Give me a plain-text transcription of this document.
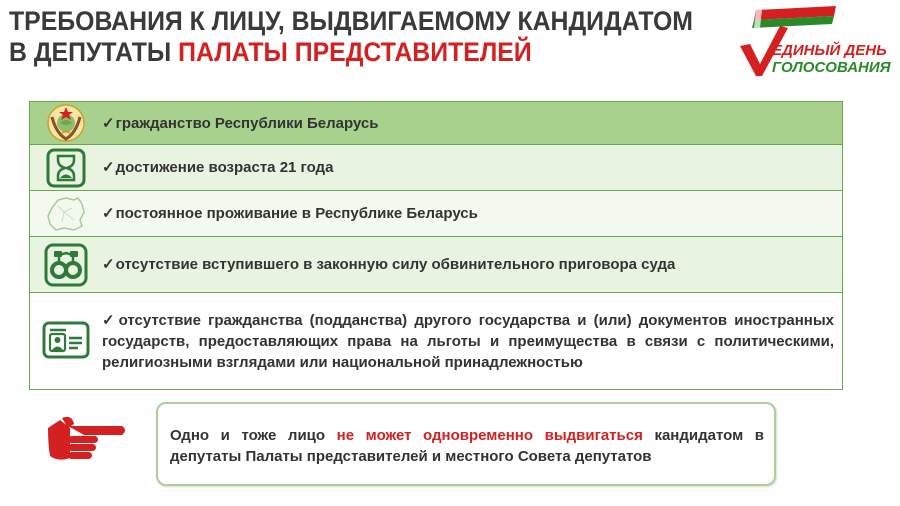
ТРЕБОВАНИЯ К ЛИЦУ, ВЫДВИГАЕМОМУ КАНДИДАТОМ
В ДЕПУТАТЫ ПАЛАТЫ ПРЕДСТАВИТЕЛЕЙ	ЕДИНЫЙ ДЕНЬ
ГОЛОСОВАНИЯ
✓гражданство Республики Беларусь
✓достижение возраста 21 года
✓постоянное проживание в Республике Беларусь
✓отсутствие вступившего в законную силу обвинительного приговора суда
✓отсутствие гражданства (подданства) другого государства и (или) документов иностранных государств, предоставляющих права на льготы и преимущества в связи с политическими, религиозными взглядами или национальной принадлежностью
Одно и тоже лицо не может одновременно выдвигаться кандидатом в депутаты Палаты представителей и местного Совета депутатов
